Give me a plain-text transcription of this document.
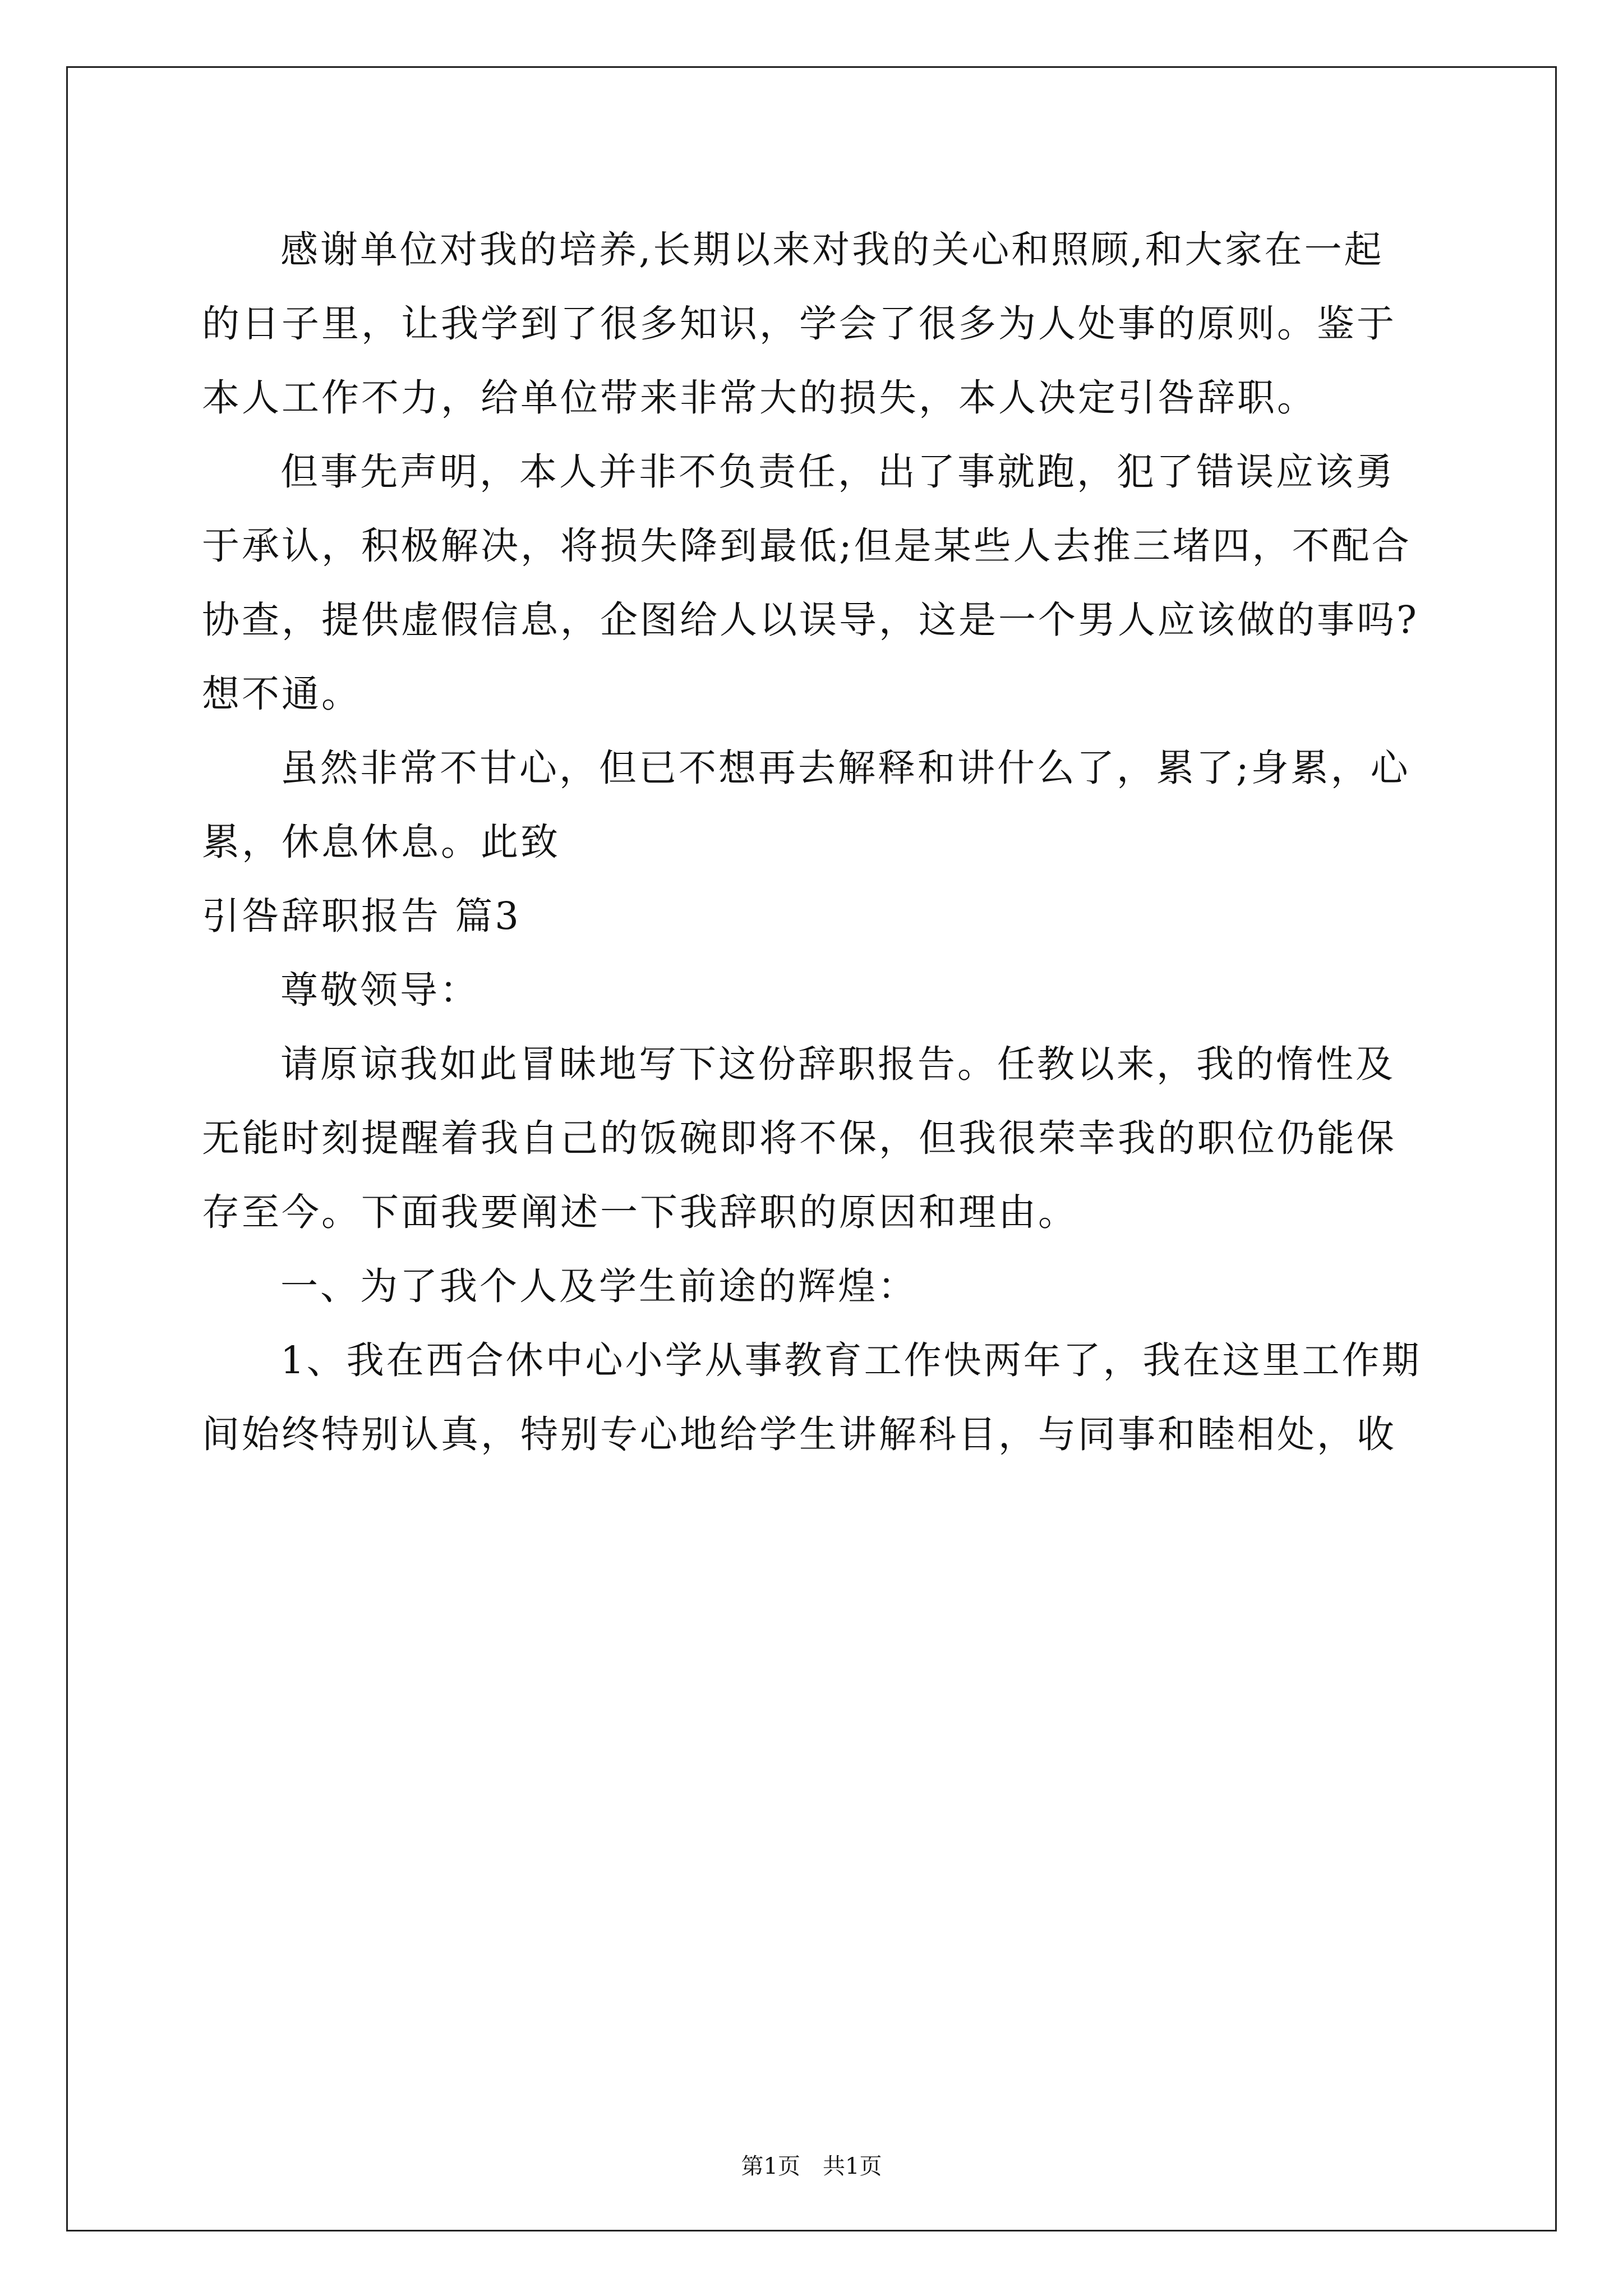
感谢单位对我的培养,长期以来对我的关心和照顾,和大家在一起

的日子里，让我学到了很多知识，学会了很多为人处事的原则。鉴于

本人工作不力，给单位带来非常大的损失，本人决定引咎辞职。

但事先声明，本人并非不负责任，出了事就跑，犯了错误应该勇

于承认，积极解决，将损失降到最低;但是某些人去推三堵四，不配合

协查，提供虚假信息，企图给人以误导，这是一个男人应该做的事吗?

想不通。

虽然非常不甘心，但已不想再去解释和讲什么了，累了;身累，心

累，休息休息。此致

引咎辞职报告 篇3

尊敬领导：

请原谅我如此冒昧地写下这份辞职报告。任教以来，我的惰性及

无能时刻提醒着我自己的饭碗即将不保，但我很荣幸我的职位仍能保

存至今。下面我要阐述一下我辞职的原因和理由。

一、为了我个人及学生前途的辉煌：

1、我在西合休中心小学从事教育工作快两年了，我在这里工作期

间始终特别认真，特别专心地给学生讲解科目，与同事和睦相处，收

第1页　共1页
